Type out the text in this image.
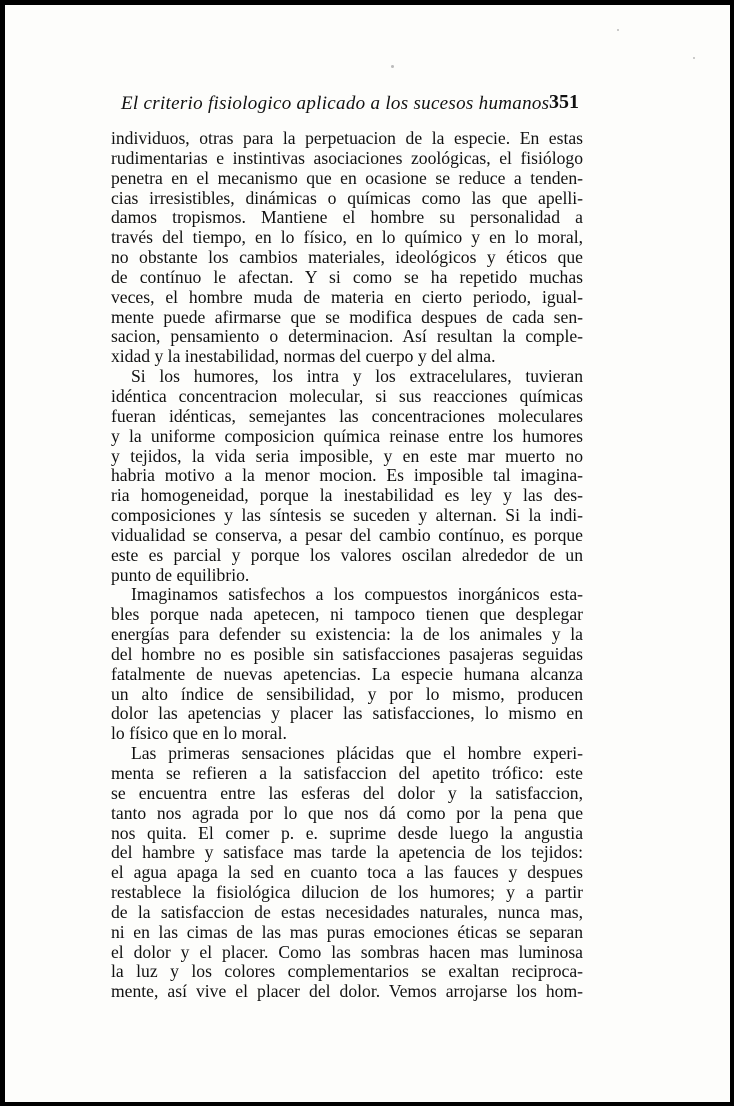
El criterio fisiologico aplicado a los sucesos humanos 351
individuos, otras para la perpetuacion de la especie. En estas
rudimentarias e instintivas asociaciones zoológicas, el fisiólogo
penetra en el mecanismo que en ocasione se reduce a tenden-
cias irresistibles, dinámicas o químicas como las que apelli-
damos tropismos. Mantiene el hombre su personalidad a
través del tiempo, en lo físico, en lo químico y en lo moral,
no obstante los cambios materiales, ideológicos y éticos que
de contínuo le afectan. Y si como se ha repetido muchas
veces, el hombre muda de materia en cierto periodo, igual-
mente puede afirmarse que se modifica despues de cada sen-
sacion, pensamiento o determinacion. Así resultan la comple-
xidad y la inestabilidad, normas del cuerpo y del alma.
Si los humores, los intra y los extracelulares, tuvieran
idéntica concentracion molecular, si sus reacciones químicas
fueran idénticas, semejantes las concentraciones moleculares
y la uniforme composicion química reinase entre los humores
y tejidos, la vida seria imposible, y en este mar muerto no
habria motivo a la menor mocion. Es imposible tal imagina-
ria homogeneidad, porque la inestabilidad es ley y las des-
composiciones y las síntesis se suceden y alternan. Si la indi-
vidualidad se conserva, a pesar del cambio contínuo, es porque
este es parcial y porque los valores oscilan alrededor de un
punto de equilibrio.
Imaginamos satisfechos a los compuestos inorgánicos esta-
bles porque nada apetecen, ni tampoco tienen que desplegar
energías para defender su existencia: la de los animales y la
del hombre no es posible sin satisfacciones pasajeras seguidas
fatalmente de nuevas apetencias. La especie humana alcanza
un alto índice de sensibilidad, y por lo mismo, producen
dolor las apetencias y placer las satisfacciones, lo mismo en
lo físico que en lo moral.
Las primeras sensaciones plácidas que el hombre experi-
menta se refieren a la satisfaccion del apetito trófico: este
se encuentra entre las esferas del dolor y la satisfaccion,
tanto nos agrada por lo que nos dá como por la pena que
nos quita. El comer p. e. suprime desde luego la angustia
del hambre y satisface mas tarde la apetencia de los tejidos:
el agua apaga la sed en cuanto toca a las fauces y despues
restablece la fisiológica dilucion de los humores; y a partir
de la satisfaccion de estas necesidades naturales, nunca mas,
ni en las cimas de las mas puras emociones éticas se separan
el dolor y el placer. Como las sombras hacen mas luminosa
la luz y los colores complementarios se exaltan reciproca-
mente, así vive el placer del dolor. Vemos arrojarse los hom-
